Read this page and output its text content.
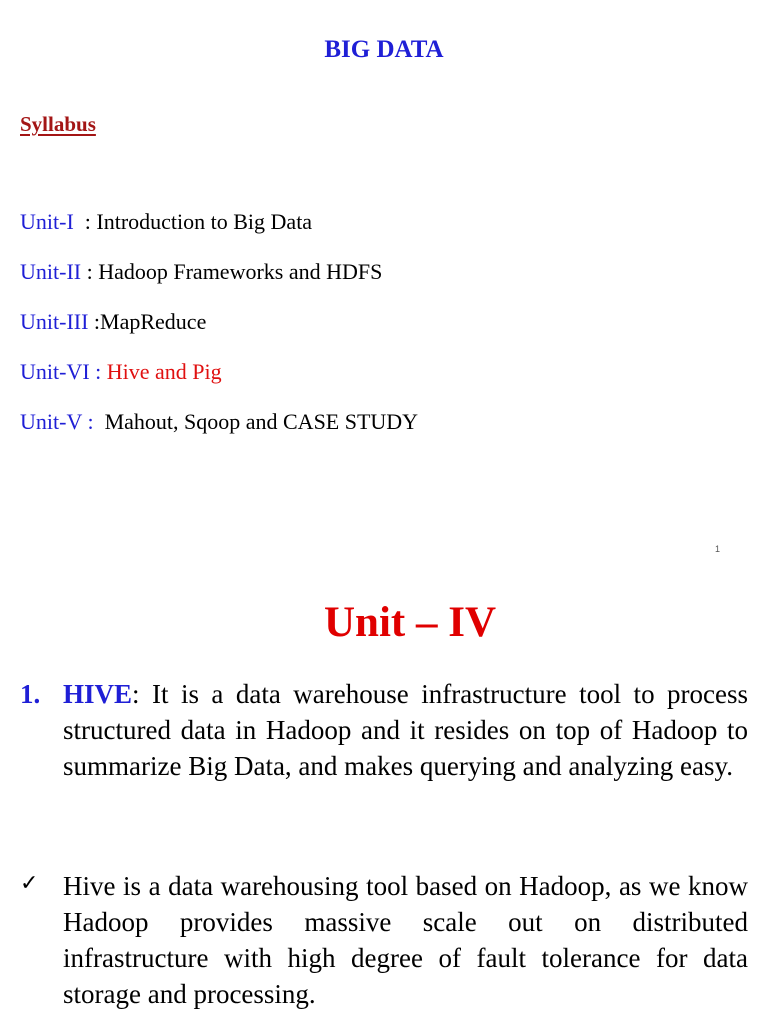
BIG DATA
Syllabus
Unit-I  : Introduction to Big Data
Unit-II : Hadoop Frameworks and HDFS
Unit-III :MapReduce
Unit-VI : Hive and Pig
Unit-V :  Mahout, Sqoop and CASE STUDY
1
Unit – IV
1. HIVE: It is a data warehouse infrastructure tool to process structured data in Hadoop and it resides on top of Hadoop to summarize Big Data, and makes querying and analyzing easy.
✓ Hive is a data warehousing tool based on Hadoop, as we know Hadoop provides massive scale out on distributed infrastructure with high degree of fault tolerance for data storage and processing.
